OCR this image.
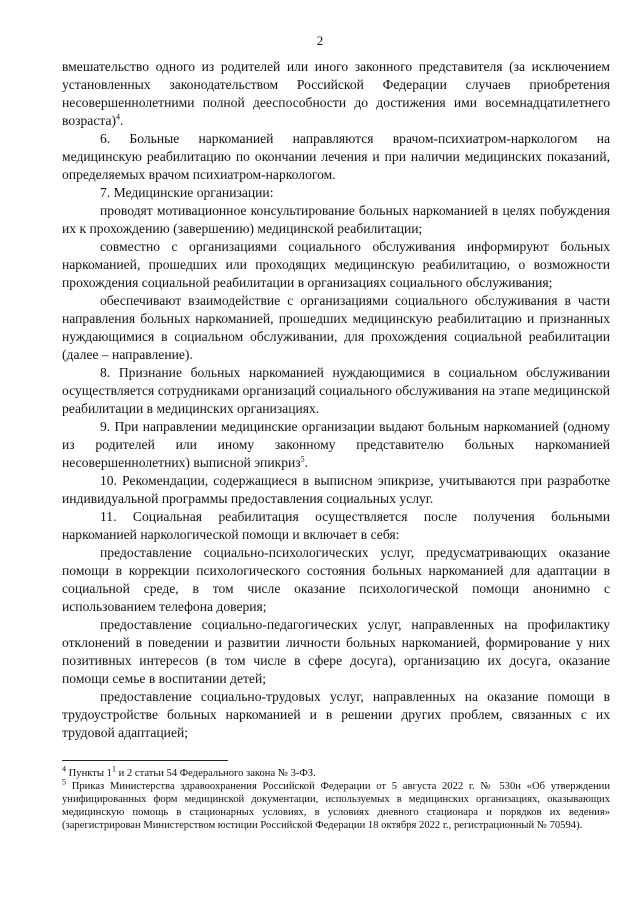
2

вмешательство одного из родителей или иного законного представителя (за исключением установленных законодательством Российской Федерации случаев приобретения несовершеннолетними полной дееспособности до достижения ими восемнадцатилетнего возраста)$^4$.

6. Больные наркоманией направляются врачом-психиатром-наркологом на медицинскую реабилитацию по окончании лечения и при наличии медицинских показаний, определяемых врачом психиатром-наркологом.

7. Медицинские организации:

проводят мотивационное консультирование больных наркоманией в целях побуждения их к прохождению (завершению) медицинской реабилитации;

совместно с организациями социального обслуживания информируют больных наркоманией, прошедших или проходящих медицинскую реабилитацию, о возможности прохождения социальной реабилитации в организациях социального обслуживания;

обеспечивают взаимодействие с организациями социального обслуживания в части направления больных наркоманией, прошедших медицинскую реабилитацию и признанных нуждающимися в социальном обслуживании, для прохождения социальной реабилитации (далее – направление).

8. Признание больных наркоманией нуждающимися в социальном обслуживании осуществляется сотрудниками организаций социального обслуживания на этапе медицинской реабилитации в медицинских организациях.

9. При направлении медицинские организации выдают больным наркоманией (одному из родителей или иному законному представителю больных наркоманией несовершеннолетних) выписной эпикриз$^5$.

10. Рекомендации, содержащиеся в выписном эпикризе, учитываются при разработке индивидуальной программы предоставления социальных услуг.

11. Социальная реабилитация осуществляется после получения больными наркоманией наркологической помощи и включает в себя:

предоставление социально-психологических услуг, предусматривающих оказание помощи в коррекции психологического состояния больных наркоманией для адаптации в социальной среде, в том числе оказание психологической помощи анонимно с использованием телефона доверия;

предоставление социально-педагогических услуг, направленных на профилактику отклонений в поведении и развитии личности больных наркоманией, формирование у них позитивных интересов (в том числе в сфере досуга), организацию их досуга, оказание помощи семье в воспитании детей;

предоставление социально-трудовых услуг, направленных на оказание помощи в трудоустройстве больных наркоманией и в решении других проблем, связанных с их трудовой адаптацией;

$^4$ Пункты $1^1$ и 2 статьи 54 Федерального закона № 3-ФЗ.

$^5$ Приказ Министерства здравоохранения Российской Федерации от 5 августа 2022 г. № 530н «Об утверждении унифицированных форм медицинской документации, используемых в медицинских организациях, оказывающих медицинскую помощь в стационарных условиях, в условиях дневного стационара и порядков их ведения» (зарегистрирован Министерством юстиции Российской Федерации 18 октября 2022 г., регистрационный № 70594).
